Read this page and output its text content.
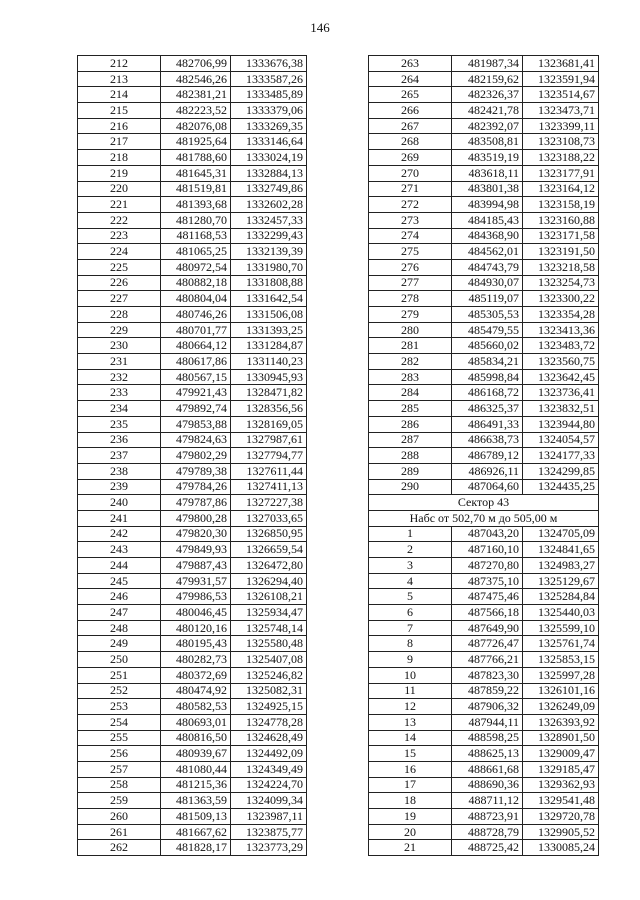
146
212	482706,99	1333676,38
213	482546,26	1333587,26
214	482381,21	1333485,89
215	482223,52	1333379,06
216	482076,08	1333269,35
217	481925,64	1333146,64
218	481788,60	1333024,19
219	481645,31	1332884,13
220	481519,81	1332749,86
221	481393,68	1332602,28
222	481280,70	1332457,33
223	481168,53	1332299,43
224	481065,25	1332139,39
225	480972,54	1331980,70
226	480882,18	1331808,88
227	480804,04	1331642,54
228	480746,26	1331506,08
229	480701,77	1331393,25
230	480664,12	1331284,87
231	480617,86	1331140,23
232	480567,15	1330945,93
233	479921,43	1328471,82
234	479892,74	1328356,56
235	479853,88	1328169,05
236	479824,63	1327987,61
237	479802,29	1327794,77
238	479789,38	1327611,44
239	479784,26	1327411,13
240	479787,86	1327227,38
241	479800,28	1327033,65
242	479820,30	1326850,95
243	479849,93	1326659,54
244	479887,43	1326472,80
245	479931,57	1326294,40
246	479986,53	1326108,21
247	480046,45	1325934,47
248	480120,16	1325748,14
249	480195,43	1325580,48
250	480282,73	1325407,08
251	480372,69	1325246,82
252	480474,92	1325082,31
253	480582,53	1324925,15
254	480693,01	1324778,28
255	480816,50	1324628,49
256	480939,67	1324492,09
257	481080,44	1324349,49
258	481215,36	1324224,70
259	481363,59	1324099,34
260	481509,13	1323987,11
261	481667,62	1323875,77
262	481828,17	1323773,29
263	481987,34	1323681,41
264	482159,62	1323591,94
265	482326,37	1323514,67
266	482421,78	1323473,71
267	482392,07	1323399,11
268	483508,81	1323108,73
269	483519,19	1323188,22
270	483618,11	1323177,91
271	483801,38	1323164,12
272	483994,98	1323158,19
273	484185,43	1323160,88
274	484368,90	1323171,58
275	484562,01	1323191,50
276	484743,79	1323218,58
277	484930,07	1323254,73
278	485119,07	1323300,22
279	485305,53	1323354,28
280	485479,55	1323413,36
281	485660,02	1323483,72
282	485834,21	1323560,75
283	485998,84	1323642,45
284	486168,72	1323736,41
285	486325,37	1323832,51
286	486491,33	1323944,80
287	486638,73	1324054,57
288	486789,12	1324177,33
289	486926,11	1324299,85
290	487064,60	1324435,25
Сектор 43		
Набс от 502,70 м до 505,00 м		
1	487043,20	1324705,09
2	487160,10	1324841,65
3	487270,80	1324983,27
4	487375,10	1325129,67
5	487475,46	1325284,84
6	487566,18	1325440,03
7	487649,90	1325599,10
8	487726,47	1325761,74
9	487766,21	1325853,15
10	487823,30	1325997,28
11	487859,22	1326101,16
12	487906,32	1326249,09
13	487944,11	1326393,92
14	488598,25	1328901,50
15	488625,13	1329009,47
16	488661,68	1329185,47
17	488690,36	1329362,93
18	488711,12	1329541,48
19	488723,91	1329720,78
20	488728,79	1329905,52
21	488725,42	1330085,24
